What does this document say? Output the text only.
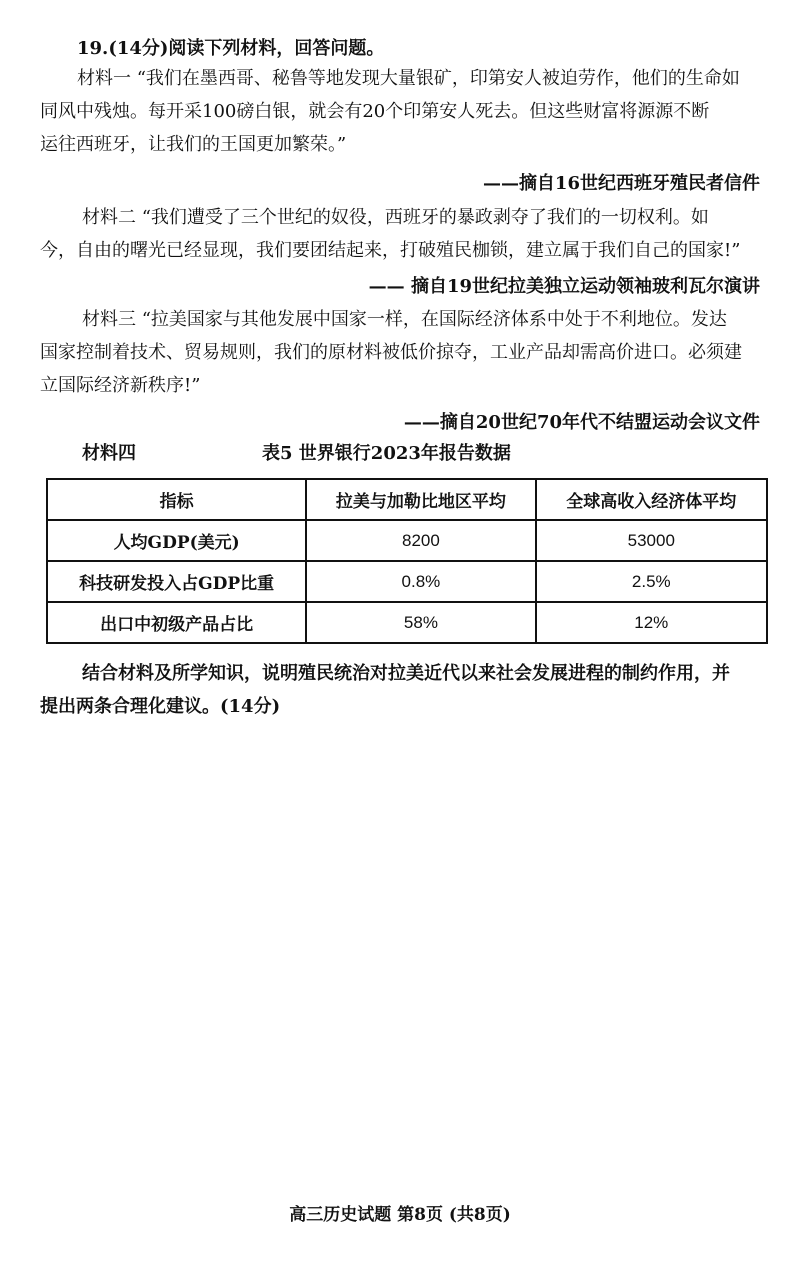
19.(14分)阅读下列材料，回答问题。
材料一 “我们在墨西哥、秘鲁等地发现大量银矿，印第安人被迫劳作，他们的生命如
同风中残烛。每开采100磅白银，就会有20个印第安人死去。但这些财富将源源不断
运往西班牙，让我们的王国更加繁荣。”
——摘自16世纪西班牙殖民者信件
材料二 “我们遭受了三个世纪的奴役，西班牙的暴政剥夺了我们的一切权利。如
今，自由的曙光已经显现，我们要团结起来，打破殖民枷锁，建立属于我们自己的国家!”
—— 摘自19世纪拉美独立运动领袖玻利瓦尔演讲
材料三 “拉美国家与其他发展中国家一样，在国际经济体系中处于不利地位。发达
国家控制着技术、贸易规则，我们的原材料被低价掠夺，工业产品却需高价进口。必须建
立国际经济新秩序!”
——摘自20世纪70年代不结盟运动会议文件
材料四	表5 世界银行2023年报告数据
指标	拉美与加勒比地区平均	全球高收入经济体平均
人均GDP(美元)	8200	53000
科技研发投入占GDP比重	0.8%	2.5%
出口中初级产品占比	58%	12%
结合材料及所学知识，说明殖民统治对拉美近代以来社会发展进程的制约作用，并
提出两条合理化建议。(14分)
高三历史试题 第8页 (共8页)
